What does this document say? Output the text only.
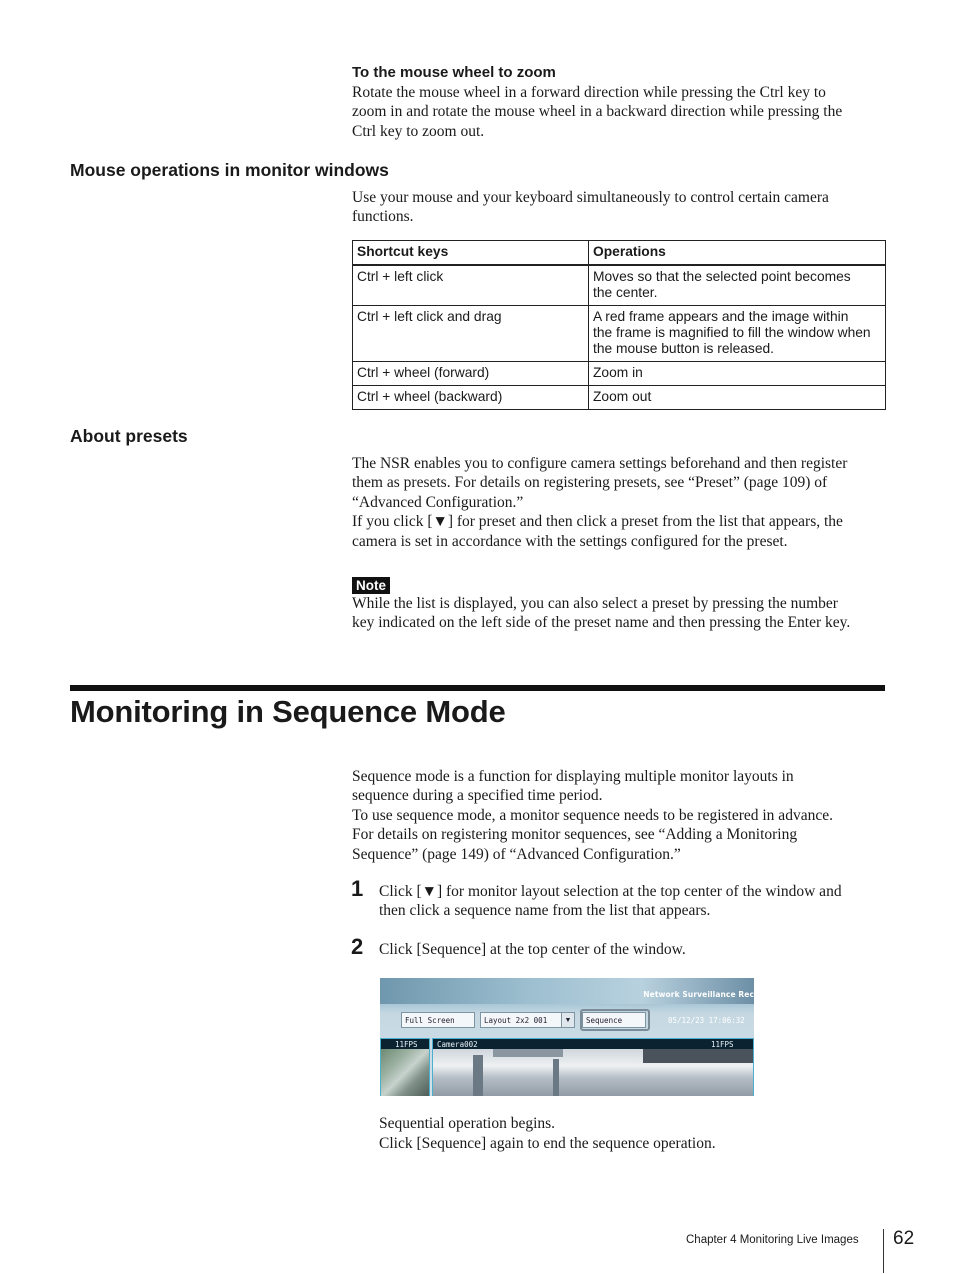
To the mouse wheel to zoom

Rotate the mouse wheel in a forward direction while pressing the Ctrl key to

zoom in and rotate the mouse wheel in a backward direction while pressing the

Ctrl key to zoom out.

Mouse operations in monitor windows

Use your mouse and your keyboard simultaneously to control certain camera

functions.

Shortcut keys	Operations
Ctrl + left click	Moves so that the selected point becomes
the center.

Ctrl + left click and drag	A red frame appears and the image within
the frame is magnified to fill the window when
the mouse button is released.

Ctrl + wheel (forward)	Zoom in

Ctrl + wheel (backward)	Zoom out
About presets

The NSR enables you to configure camera settings beforehand and then register

them as presets. For details on registering presets, see “Preset” (page 109) of

“Advanced Configuration.”

If you click [▼] for preset and then click a preset from the list that appears, the

camera is set in accordance with the settings configured for the preset.

Note

While the list is displayed, you can also select a preset by pressing the number

key indicated on the left side of the preset name and then pressing the Enter key.

Monitoring in Sequence Mode

Sequence mode is a function for displaying multiple monitor layouts in

sequence during a specified time period.

To use sequence mode, a monitor sequence needs to be registered in advance.

For details on registering monitor sequences, see “Adding a Monitoring

Sequence” (page 149) of “Advanced Configuration.”

1 Click [▼] for monitor layout selection at the top center of the window and

then click a sequence name from the list that appears.

2 Click [Sequence] at the top center of the window.

Network Surveillance Rec
Full Screen	Layout 2x2 001	▼	Sequence	05/12/23 17:06:32
11FPS	Camera002	11FPS

Sequential operation begins.

Click [Sequence] again to end the sequence operation.

Chapter 4 Monitoring Live Images 62
